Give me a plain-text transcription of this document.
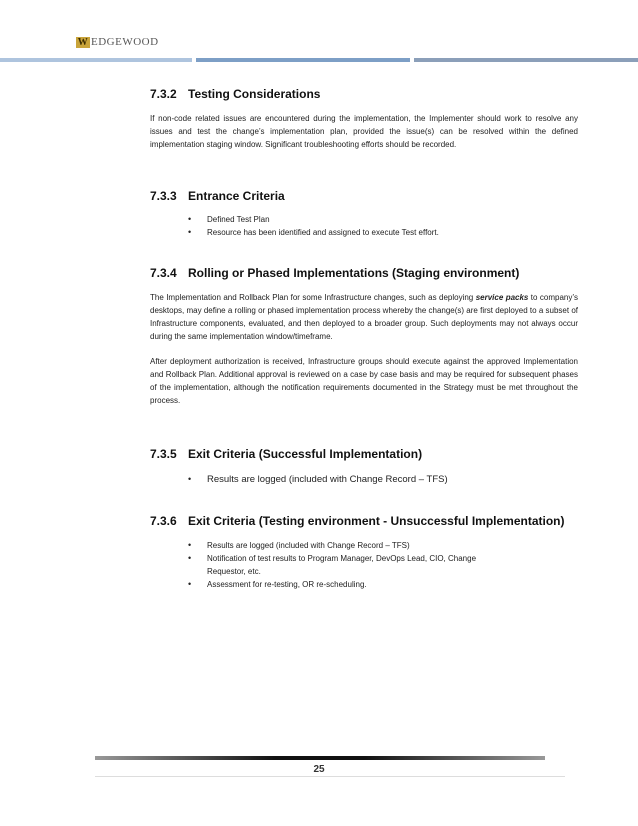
W EDGEWOOD
7.3.2 Testing Considerations

If non-code related issues are encountered during the implementation, the Implementer should work to resolve any issues and test the change’s implementation plan, provided the issue(s) can be resolved within the defined implementation staging window. Significant troubleshooting efforts should be recorded.

7.3.3 Entrance Criteria
• Defined Test Plan
• Resource has been identified and assigned to execute Test effort.
7.3.4 Rolling or Phased Implementations (Staging environment)

The Implementation and Rollback Plan for some Infrastructure changes, such as deploying service packs to company’s desktops, may define a rolling or phased implementation process whereby the change(s) are first deployed to a subset of Infrastructure components, evaluated, and then deployed to a broader group. Such deployments may not always occur during the same implementation window/timeframe.

After deployment authorization is received, Infrastructure groups should execute against the approved Implementation and Rollback Plan. Additional approval is reviewed on a case by case basis and may be required for subsequent phases of the implementation, although the notification requirements documented in the Strategy must be met throughout the process.

7.3.5 Exit Criteria (Successful Implementation)
• Results are logged (included with Change Record – TFS)
7.3.6 Exit Criteria (Testing environment - Unsuccessful Implementation)
• Results are logged (included with Change Record – TFS)
• Notification of test results to Program Manager, DevOps Lead, CIO, Change Requestor, etc.
• Assessment for re-testing, OR re-scheduling.
25
